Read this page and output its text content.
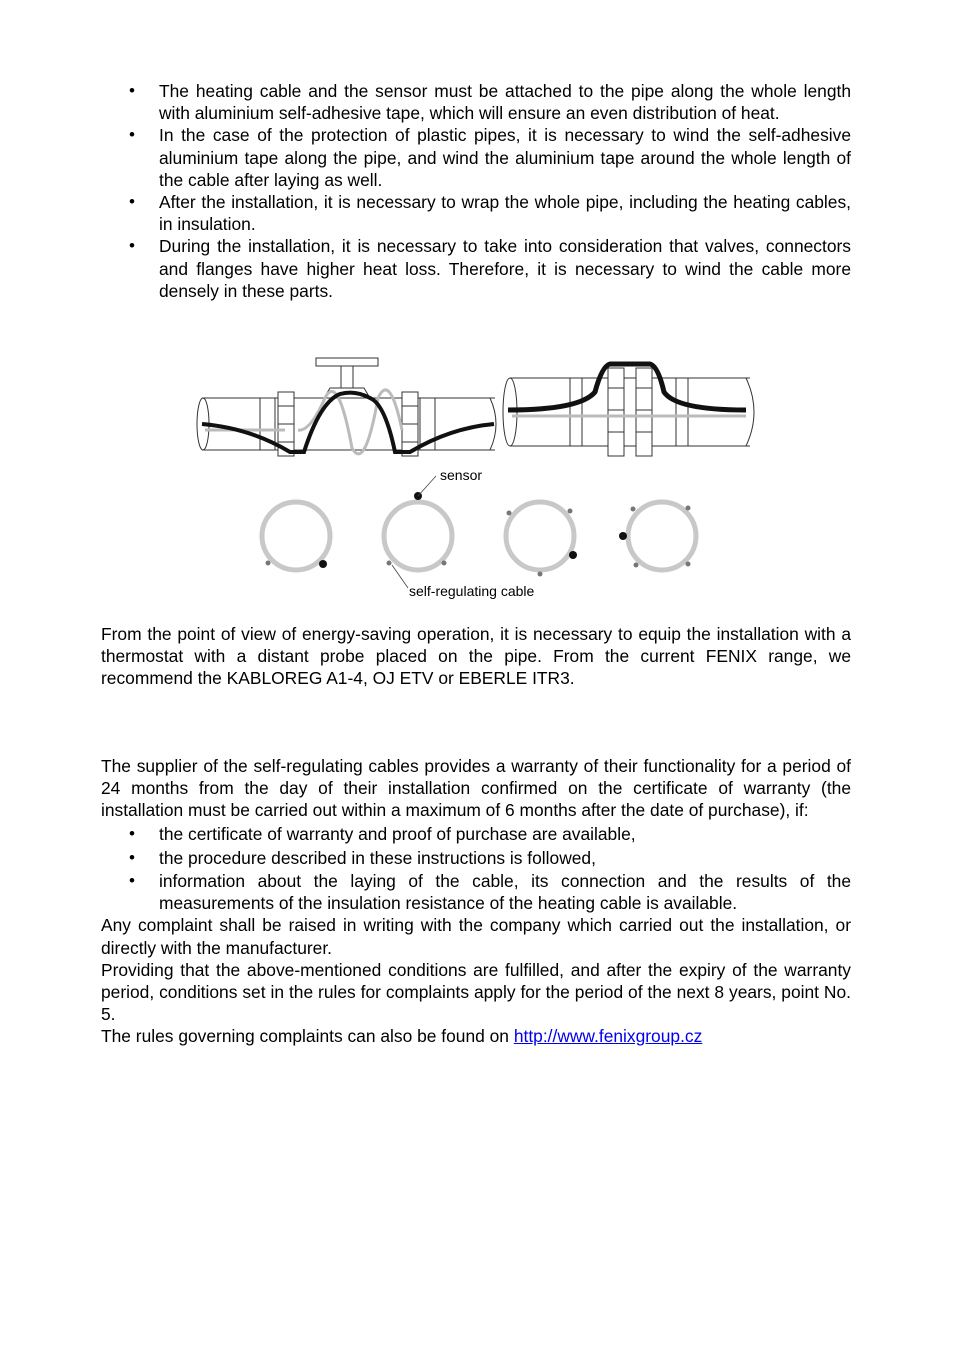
• The heating cable and the sensor must be attached to the pipe along the whole length with aluminium self-adhesive tape, which will ensure an even distribution of heat.
• In the case of the protection of plastic pipes, it is necessary to wind the self-adhesive aluminium tape along the pipe, and wind the aluminium tape around the whole length of the cable after laying as well.
• After the installation, it is necessary to wrap the whole pipe, including the heating cables, in insulation.
• During the installation, it is necessary to take into consideration that valves, connectors and flanges have higher heat loss. Therefore, it is necessary to wind the cable more densely in these parts.
sensor
self-regulating cable

From the point of view of energy-saving operation, it is necessary to equip the installation with a thermostat with a distant probe placed on the pipe. From the current FENIX range, we recommend the KABLOREG A1-4, OJ ETV or EBERLE ITR3.

The supplier of the self-regulating cables provides a warranty of their functionality for a period of 24 months from the day of their installation confirmed on the certificate of warranty (the installation must be carried out within a maximum of 6 months after the date of purchase), if:

• the certificate of warranty and proof of purchase are available,
• the procedure described in these instructions is followed,
• information about the laying of the cable, its connection and the results of the measurements of the insulation resistance of the heating cable is available.

Any complaint shall be raised in writing with the company which carried out the installation, or directly with the manufacturer.

Providing that the above-mentioned conditions are fulfilled, and after the expiry of the warranty period, conditions set in the rules for complaints apply for the period of the next 8 years, point No. 5.

The rules governing complaints can also be found on http://www.fenixgroup.cz
